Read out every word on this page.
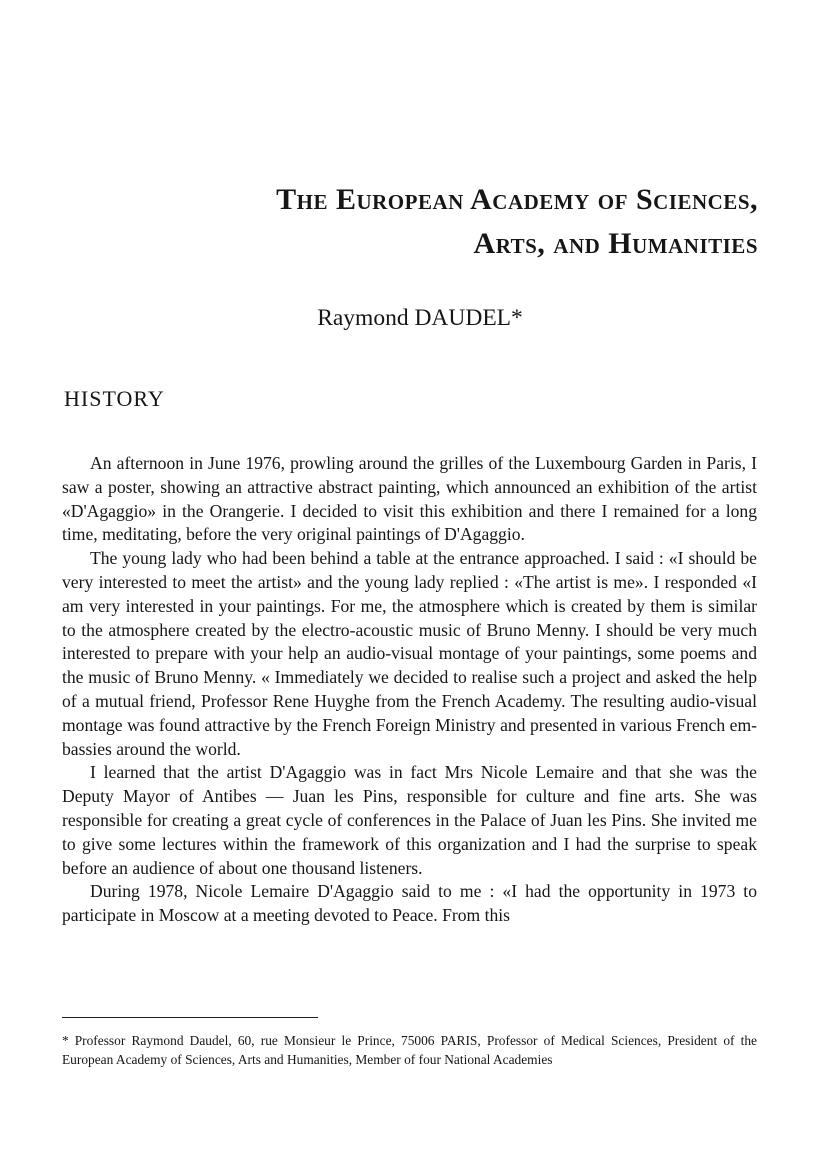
The European Academy of Sciences,
Arts, and Humanities
Raymond DAUDEL*
HISTORY

An afternoon in June 1976, prowling around the grilles of the Luxembourg Garden in Paris, I saw a poster, showing an attractive abstract painting, which announced an exhibition of the artist «D'Agaggio» in the Orangerie. I decided to visit this exhibition and there I remained for a long time, meditating, before the very original paintings of D'Agaggio.

The young lady who had been behind a table at the entrance approached. I said : «I should be very interested to meet the artist» and the young lady replied : «The artist is me». I responded «I am very interested in your paintings. For me, the atmosphere which is created by them is similar to the atmosphere created by the electro-acoustic music of Bruno Menny. I should be very much interested to prepare with your help an audio-visual montage of your paintings, some poems and the music of Bruno Menny. « Immediately we decided to realise such a project and asked the help of a mutual friend, Professor Rene Huyghe from the French Academy. The resulting audio-visual montage was found attractive by the French Foreign Ministry and presented in various French embassies around the world.

I learned that the artist D'Agaggio was in fact Mrs Nicole Lemaire and that she was the Deputy Mayor of Antibes — Juan les Pins, responsible for culture and fine arts. She was responsible for creating a great cycle of conferences in the Palace of Juan les Pins. She invited me to give some lectures within the framework of this organization and I had the surprise to speak before an audience of about one thousand listeners.

During 1978, Nicole Lemaire D'Agaggio said to me : «I had the opportunity in 1973 to participate in Moscow at a meeting devoted to Peace. From this

* Professor Raymond Daudel, 60, rue Monsieur le Prince, 75006 PARIS, Professor of Medical Sciences, President of the European Academy of Sciences, Arts and Humanities, Member of four National Academies
